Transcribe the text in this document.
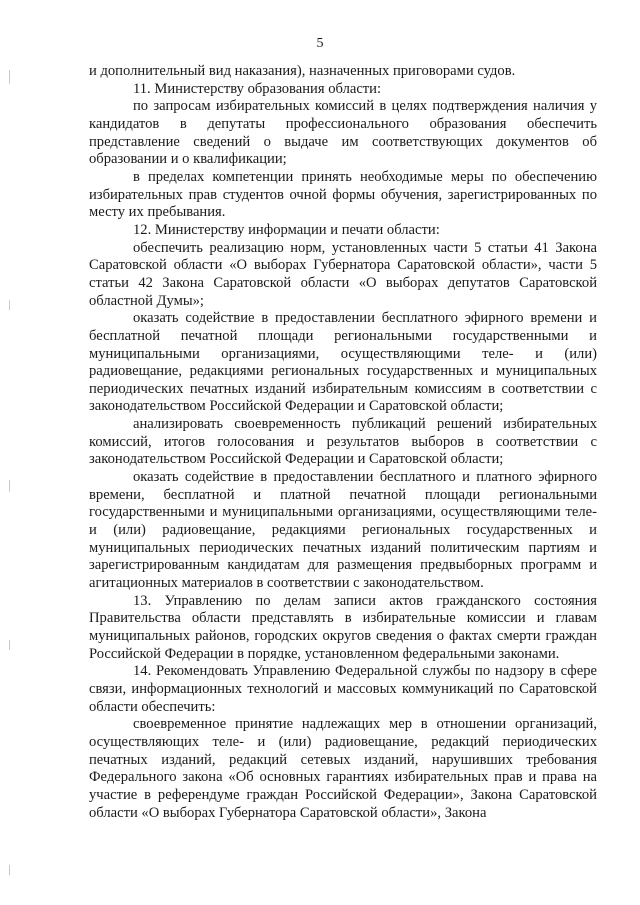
5

и дополнительный вид наказания), назначенных приговорами судов.

11. Министерству образования области:

по запросам избирательных комиссий в целях подтверждения наличия у кандидатов в депутаты профессионального образования обеспечить представление сведений о выдаче им соответствующих документов об образовании и о квалификации;

в пределах компетенции принять необходимые меры по обеспечению избирательных прав студентов очной формы обучения, зарегистрированных по месту их пребывания.

12. Министерству информации и печати области:

обеспечить реализацию норм, установленных части 5 статьи 41 Закона Саратовской области «О выборах Губернатора Саратовской области», части 5 статьи 42 Закона Саратовской области «О выборах депутатов Саратовской областной Думы»;

оказать содействие в предоставлении бесплатного эфирного времени и бесплатной печатной площади региональными государственными и муниципальными организациями, осуществляющими теле- и (или) радиовещание, редакциями региональных государственных и муниципальных периодических печатных изданий избирательным комиссиям в соответствии с законодательством Российской Федерации и Саратовской области;

анализировать своевременность публикаций решений избирательных комиссий, итогов голосования и результатов выборов в соответствии с законодательством Российской Федерации и Саратовской области;

оказать содействие в предоставлении бесплатного и платного эфирного времени, бесплатной и платной печатной площади региональными государственными и муниципальными организациями, осуществляющими теле- и (или) радиовещание, редакциями региональных государственных и муниципальных периодических печатных изданий политическим партиям и зарегистрированным кандидатам для размещения предвыборных программ и агитационных материалов в соответствии с законодательством.

13. Управлению по делам записи актов гражданского состояния Правительства области представлять в избирательные комиссии и главам муниципальных районов, городских округов сведения о фактах смерти граждан Российской Федерации в порядке, установленном федеральными законами.

14. Рекомендовать Управлению Федеральной службы по надзору в сфере связи, информационных технологий и массовых коммуникаций по Саратовской области обеспечить:

своевременное принятие надлежащих мер в отношении организаций, осуществляющих теле- и (или) радиовещание, редакций периодических печатных изданий, редакций сетевых изданий, нарушивших требования Федерального закона «Об основных гарантиях избирательных прав и права на участие в референдуме граждан Российской Федерации», Закона Саратовской области «О выборах Губернатора Саратовской области», Закона
